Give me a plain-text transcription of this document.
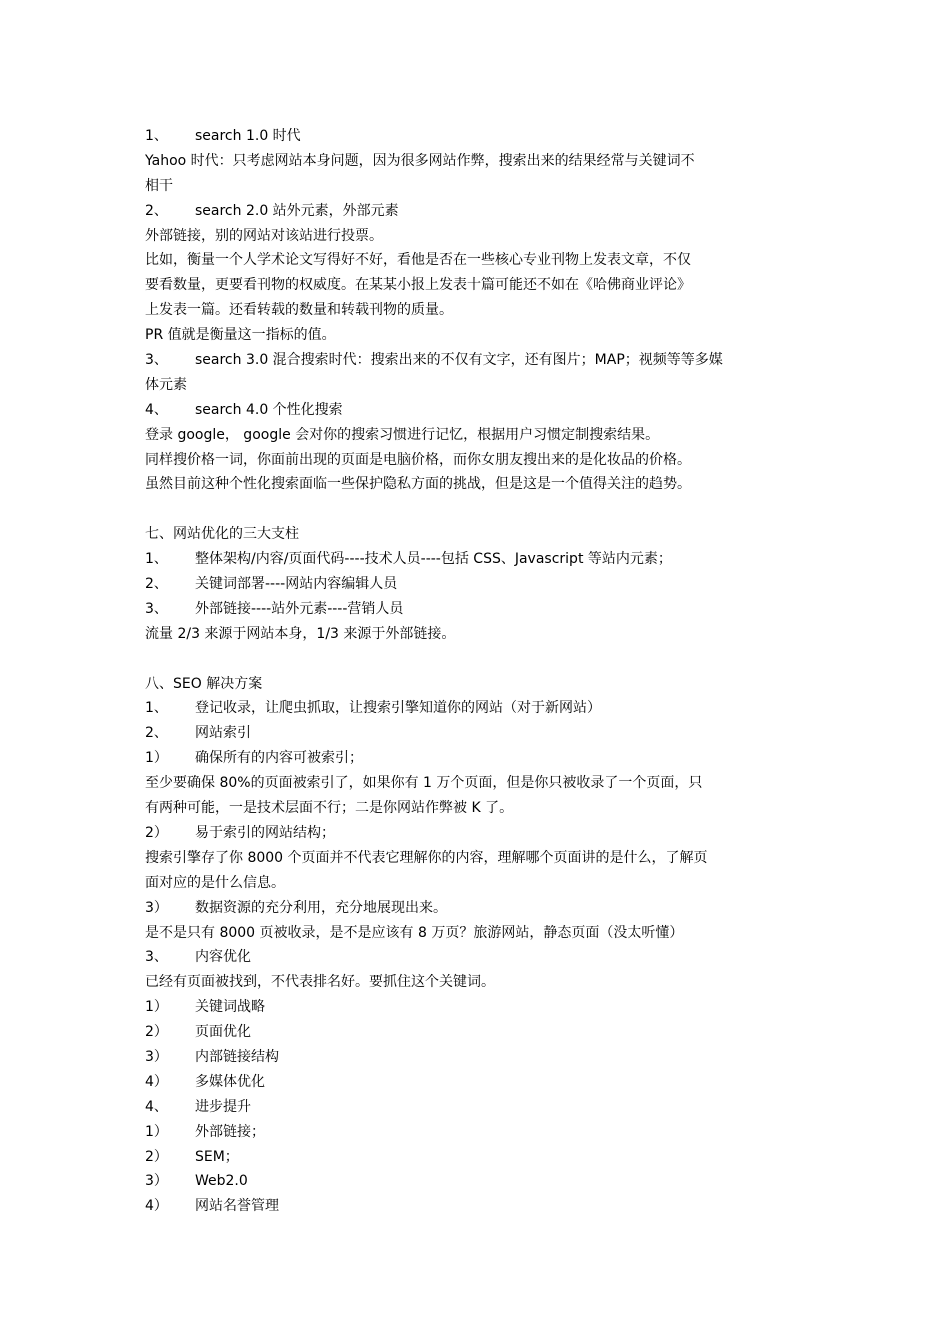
1、 search 1.0 时代
Yahoo 时代：只考虑网站本身问题，因为很多网站作弊，搜索出来的结果经常与关键词不
相干
2、 search 2.0 站外元素，外部元素
外部链接，别的网站对该站进行投票。
比如，衡量一个人学术论文写得好不好，看他是否在一些核心专业刊物上发表文章，不仅
要看数量，更要看刊物的权威度。在某某小报上发表十篇可能还不如在《哈佛商业评论》
上发表一篇。还看转载的数量和转载刊物的质量。
PR 值就是衡量这一指标的值。
3、 search 3.0 混合搜索时代：搜索出来的不仅有文字，还有图片；MAP；视频等等多媒
体元素
4、 search 4.0 个性化搜索
登录 google， google 会对你的搜索习惯进行记忆，根据用户习惯定制搜索结果。
同样搜价格一词，你面前出现的页面是电脑价格，而你女朋友搜出来的是化妆品的价格。
虽然目前这种个性化搜索面临一些保护隐私方面的挑战，但是这是一个值得关注的趋势。
七、网站优化的三大支柱
1、 整体架构/内容/页面代码----技术人员----包括 CSS、Javascript 等站内元素；
2、 关键词部署----网站内容编辑人员
3、 外部链接----站外元素----营销人员
流量 2/3 来源于网站本身，1/3 来源于外部链接。
八、SEO 解决方案
1、 登记收录，让爬虫抓取，让搜索引擎知道你的网站（对于新网站）
2、 网站索引
1） 确保所有的内容可被索引；
至少要确保 80%的页面被索引了，如果你有 1 万个页面，但是你只被收录了一个页面，只
有两种可能，一是技术层面不行；二是你网站作弊被 K 了。
2） 易于索引的网站结构；
搜索引擎存了你 8000 个页面并不代表它理解你的内容，理解哪个页面讲的是什么，了解页
面对应的是什么信息。
3） 数据资源的充分利用，充分地展现出来。
是不是只有 8000 页被收录，是不是应该有 8 万页？旅游网站，静态页面（没太听懂）
3、 内容优化
已经有页面被找到，不代表排名好。要抓住这个关键词。
1） 关键词战略
2） 页面优化
3） 内部链接结构
4） 多媒体优化
4、 进步提升
1） 外部链接；
2） SEM；
3） Web2.0
4） 网站名誉管理
